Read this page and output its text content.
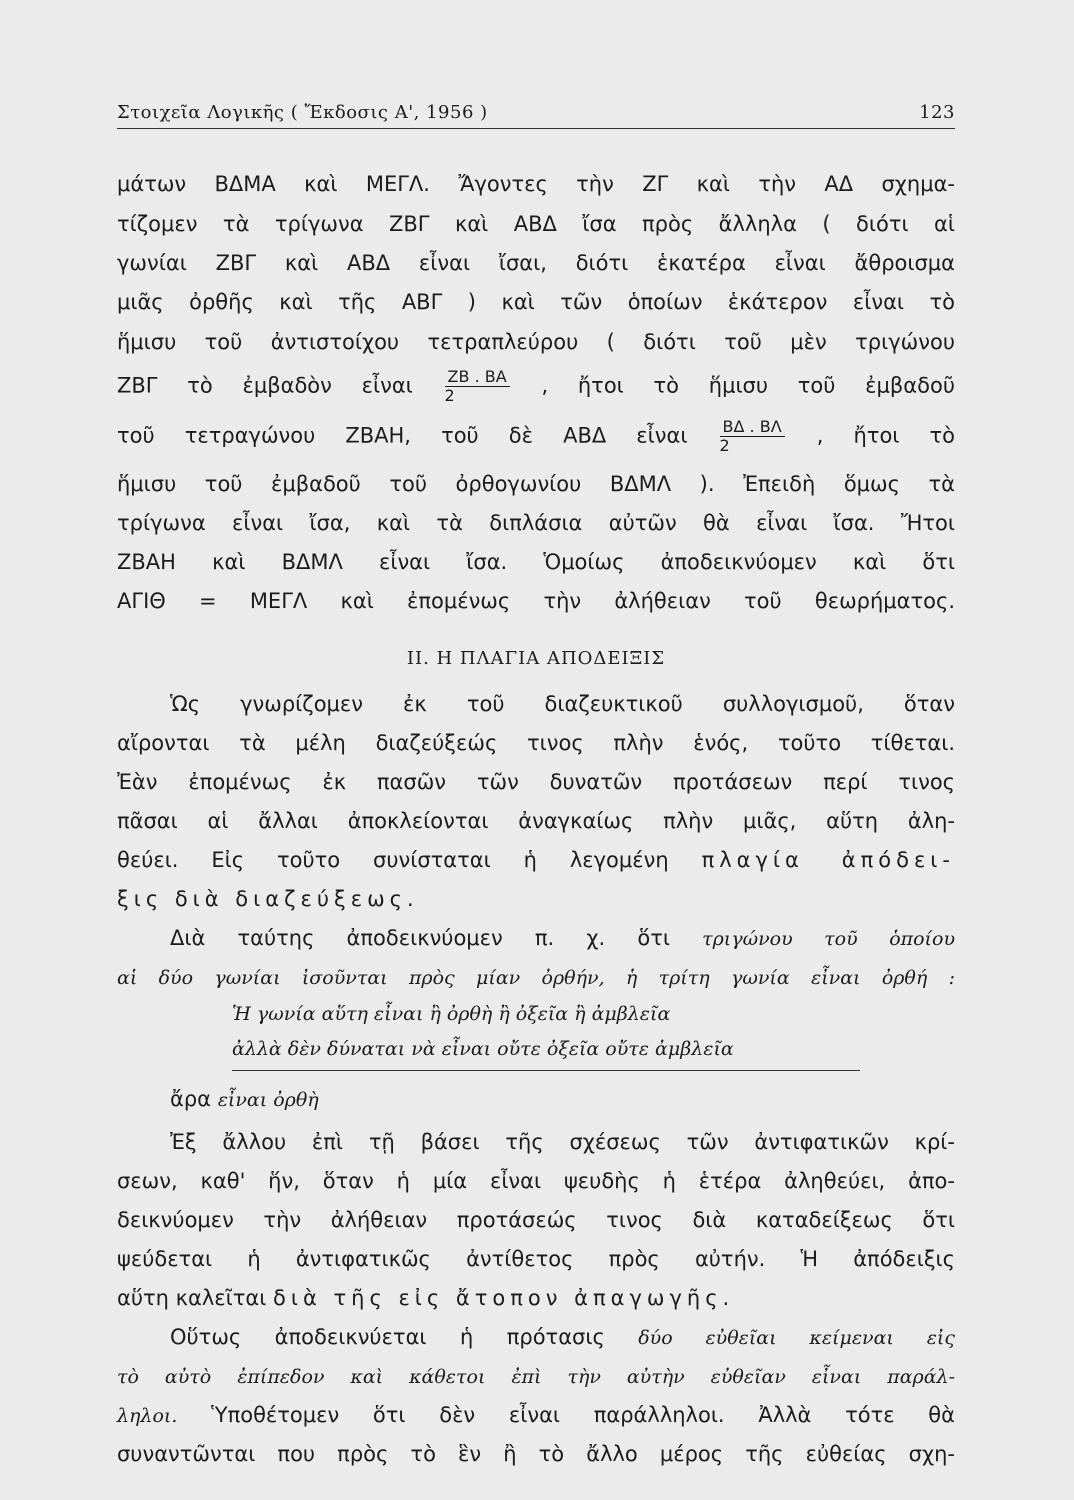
Στοιχεῖα Λογικῆς ( Ἔκδοσις Α', 1956 )	123
μάτων ΒΔΜΑ καὶ ΜΕΓΛ. Ἄγοντες τὴν ΖΓ καὶ τὴν ΑΔ σχημα-
τίζομεν τὰ τρίγωνα ΖΒΓ καὶ ΑΒΔ ἴσα πρὸς ἄλληλα ( διότι αἱ
γωνίαι ΖΒΓ καὶ ΑΒΔ εἶναι ἴσαι, διότι ἑκατέρα εἶναι ἄθροισμα
μιᾶς ὀρθῆς καὶ τῆς ΑΒΓ ) καὶ τῶν ὁποίων ἑκάτερον εἶναι τὸ
ἥμισυ τοῦ ἀντιστοίχου τετραπλεύρου ( διότι τοῦ μὲν τριγώνου
ΖΒΓ τὸ ἐμβαδὸν εἶναι $\frac{ZB . BA}{2}$ , ἤτοι τὸ ἥμισυ τοῦ ἐμβαδοῦ
τοῦ τετραγώνου ΖΒΑΗ, τοῦ δὲ ΑΒΔ εἶναι $\frac{B\Delta . B\Lambda}{2}$ , ἤτοι τὸ
ἥμισυ τοῦ ἐμβαδοῦ τοῦ ὀρθογωνίου ΒΔΜΛ ). Ἐπειδὴ ὅμως τὰ
τρίγωνα εἶναι ἴσα, καὶ τὰ διπλάσια αὐτῶν θὰ εἶναι ἴσα. Ἤτοι
ΖΒΑΗ καὶ ΒΔΜΛ εἶναι ἴσα. Ὁμοίως ἀποδεικνύομεν καὶ ὅτι
ΑΓΙΘ = ΜΕΓΛ καὶ ἐπομένως τὴν ἀλήθειαν τοῦ θεωρήματος.
II. Η ΠΛΑΓΙΑ ΑΠΟΔΕΙΞΙΣ
Ὡς γνωρίζομεν ἐκ τοῦ διαζευκτικοῦ συλλογισμοῦ, ὅταν
αἴρονται τὰ μέλη διαζεύξεώς τινος πλὴν ἑνός, τοῦτο τίθεται.
Ἐὰν ἐπομένως ἐκ πασῶν τῶν δυνατῶν προτάσεων περί τινος
πᾶσαι αἱ ἄλλαι ἀποκλείονται ἀναγκαίως πλὴν μιᾶς, αὕτη ἀλη-
θεύει. Εἰς τοῦτο συνίσταται ἡ λεγομένη πλαγία ἀπόδει-
ξις διὰ διαζεύξεως.
Διὰ ταύτης ἀποδεικνύομεν π. χ. ὅτι τριγώνου τοῦ ὁποίου
αἱ δύο γωνίαι ἰσοῦνται πρὸς μίαν ὀρθήν, ἡ τρίτη γωνία εἶναι ὀρθή :
Ἡ γωνία αὕτη εἶναι ἢ ὀρθὴ ἢ ὀξεῖα ἢ ἀμβλεῖα
ἀλλὰ δὲν δύναται νὰ εἶναι οὔτε ὀξεῖα οὔτε ἀμβλεῖα
ἄρα εἶναι ὀρθὴ
Ἐξ ἄλλου ἐπὶ τῇ βάσει τῆς σχέσεως τῶν ἀντιφατικῶν κρί-
σεων, καθ' ἥν, ὅταν ἡ μία εἶναι ψευδὴς ἡ ἑτέρα ἀληθεύει, ἀπο-
δεικνύομεν τὴν ἀλήθειαν προτάσεώς τινος διὰ καταδείξεως ὅτι
ψεύδεται ἡ ἀντιφατικῶς ἀντίθετος πρὸς αὐτήν. Ἡ ἀπόδειξις
αὕτη καλεῖται διὰ τῆς εἰς ἄτοπον ἀπαγωγῆς.
Οὕτως ἀποδεικνύεται ἡ πρότασις δύο εὐθεῖαι κείμεναι εἰς
τὸ αὐτὸ ἐπίπεδον καὶ κάθετοι ἐπὶ τὴν αὐτὴν εὐθεῖαν εἶναι παράλ-
ληλοι. Ὑποθέτομεν ὅτι δὲν εἶναι παράλληλοι. Ἀλλὰ τότε θὰ
συναντῶνται που πρὸς τὸ ἓν ἢ τὸ ἄλλο μέρος τῆς εὐθείας σχη-
